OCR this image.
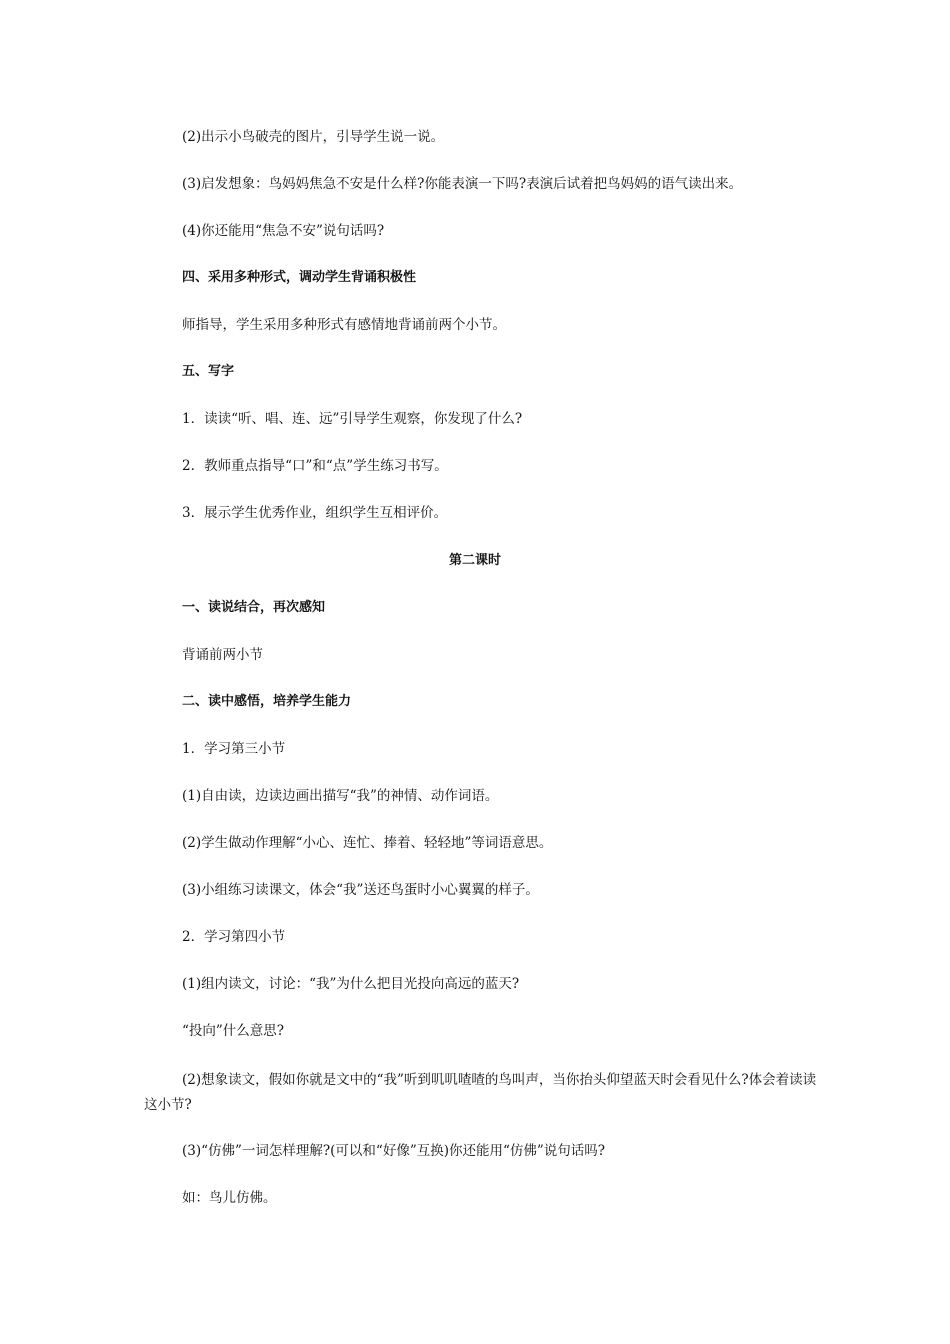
(2)出示小鸟破壳的图片，引导学生说一说。
(3)启发想象：鸟妈妈焦急不安是什么样?你能表演一下吗?表演后试着把鸟妈妈的语气读出来。
(4)你还能用“焦急不安”说句话吗?
四、采用多种形式，调动学生背诵积极性
师指导，学生采用多种形式有感情地背诵前两个小节。
五、写字
1．读读“听、唱、连、远”引导学生观察，你发现了什么?
2．教师重点指导“口”和“点”学生练习书写。
3．展示学生优秀作业，组织学生互相评价。
第二课时
一、读说结合，再次感知
背诵前两小节
二、读中感悟，培养学生能力
1．学习第三小节
(1)自由读，边读边画出描写“我”的神情、动作词语。
(2)学生做动作理解“小心、连忙、捧着、轻轻地”等词语意思。
(3)小组练习读课文，体会“我”送还鸟蛋时小心翼翼的样子。
2．学习第四小节
(1)组内读文，讨论：“我”为什么把目光投向高远的蓝天?
“投向”什么意思?
(2)想象读文，假如你就是文中的“我”听到叽叽喳喳的鸟叫声，当你抬头仰望蓝天时会看见什么?体会着读读这小节?
(3)“仿佛”一词怎样理解?(可以和“好像”互换)你还能用“仿佛”说句话吗?
如：鸟儿仿佛。
